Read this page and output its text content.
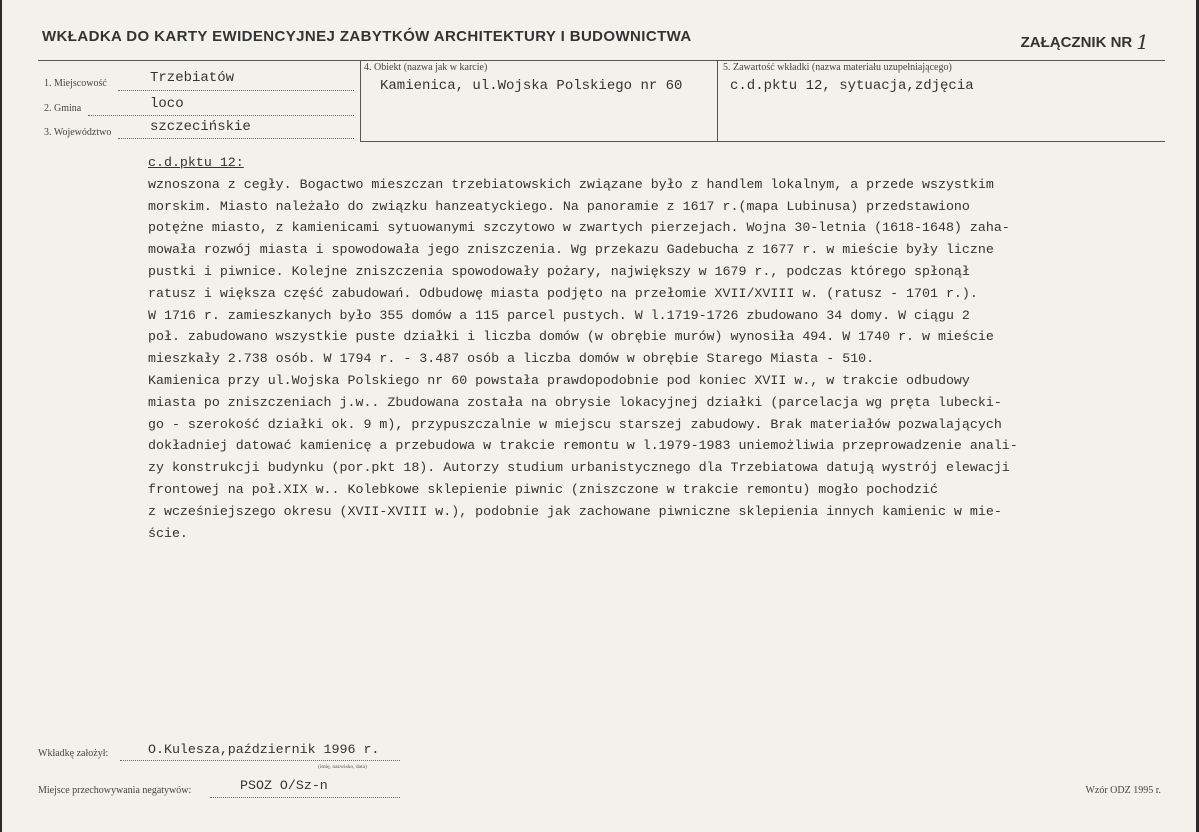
WKŁADKA DO KARTY EWIDENCYJNEJ ZABYTKÓW ARCHITEKTURY I BUDOWNICTWA	ZAŁĄCZNIK NR 1
1. Miejscowość	Trzebiatów
2. Gmina	loco
3. Województwo	szczecińskie
4. Obiekt (nazwa jak w karcie)
Kamienica, ul.Wojska Polskiego nr 60
5. Zawartość wkładki (nazwa materiału uzupełniającego)
c.d.pktu 12, sytuacja,zdjęcia
c.d.pktu 12:
wznoszona z cegły. Bogactwo mieszczan trzebiatowskich związane było z handlem lokalnym, a przede wszystkim
morskim. Miasto należało do związku hanzeatyckiego. Na panoramie z 1617 r.(mapa Lubinusa) przedstawiono
potężne miasto, z kamienicami sytuowanymi szczytowo w zwartych pierzejach. Wojna 30-letnia (1618-1648) zaha-
mowała rozwój miasta i spowodowała jego zniszczenia. Wg przekazu Gadebucha z 1677 r. w mieście były liczne
pustki i piwnice. Kolejne zniszczenia spowodowały pożary, największy w 1679 r., podczas którego spłonął
ratusz i większa część zabudowań. Odbudowę miasta podjęto na przełomie XVII/XVIII w. (ratusz - 1701 r.).
W 1716 r. zamieszkanych było 355 domów a 115 parcel pustych. W l.1719-1726 zbudowano 34 domy. W ciągu 2
poł. zabudowano wszystkie puste działki i liczba domów (w obrębie murów) wynosiła 494. W 1740 r. w mieście
mieszkały 2.738 osób. W 1794 r. - 3.487 osób a liczba domów w obrębie Starego Miasta - 510.
Kamienica przy ul.Wojska Polskiego nr 60 powstała prawdopodobnie pod koniec XVII w., w trakcie odbudowy
miasta po zniszczeniach j.w.. Zbudowana została na obrysie lokacyjnej działki (parcelacja wg pręta lubecki-
go - szerokość działki ok. 9 m), przypuszczalnie w miejscu starszej zabudowy. Brak materiałów pozwalających
dokładniej datować kamienicę a przebudowa w trakcie remontu w l.1979-1983 uniemożliwia przeprowadzenie anali-
zy konstrukcji budynku (por.pkt 18). Autorzy studium urbanistycznego dla Trzebiatowa datują wystrój elewacji
frontowej na poł.XIX w.. Kolebkowe sklepienie piwnic (zniszczone w trakcie remontu) mogło pochodzić
z wcześniejszego okresu (XVII-XVIII w.), podobnie jak zachowane piwniczne sklepienia innych kamienic w mie-
ście.
Wkładkę założył:	O.Kulesza,październik 1996 r.
(imię, nazwisko, data)
Miejsce przechowywania negatywów:	PSOZ O/Sz-n	Wzór ODZ 1995 r.
